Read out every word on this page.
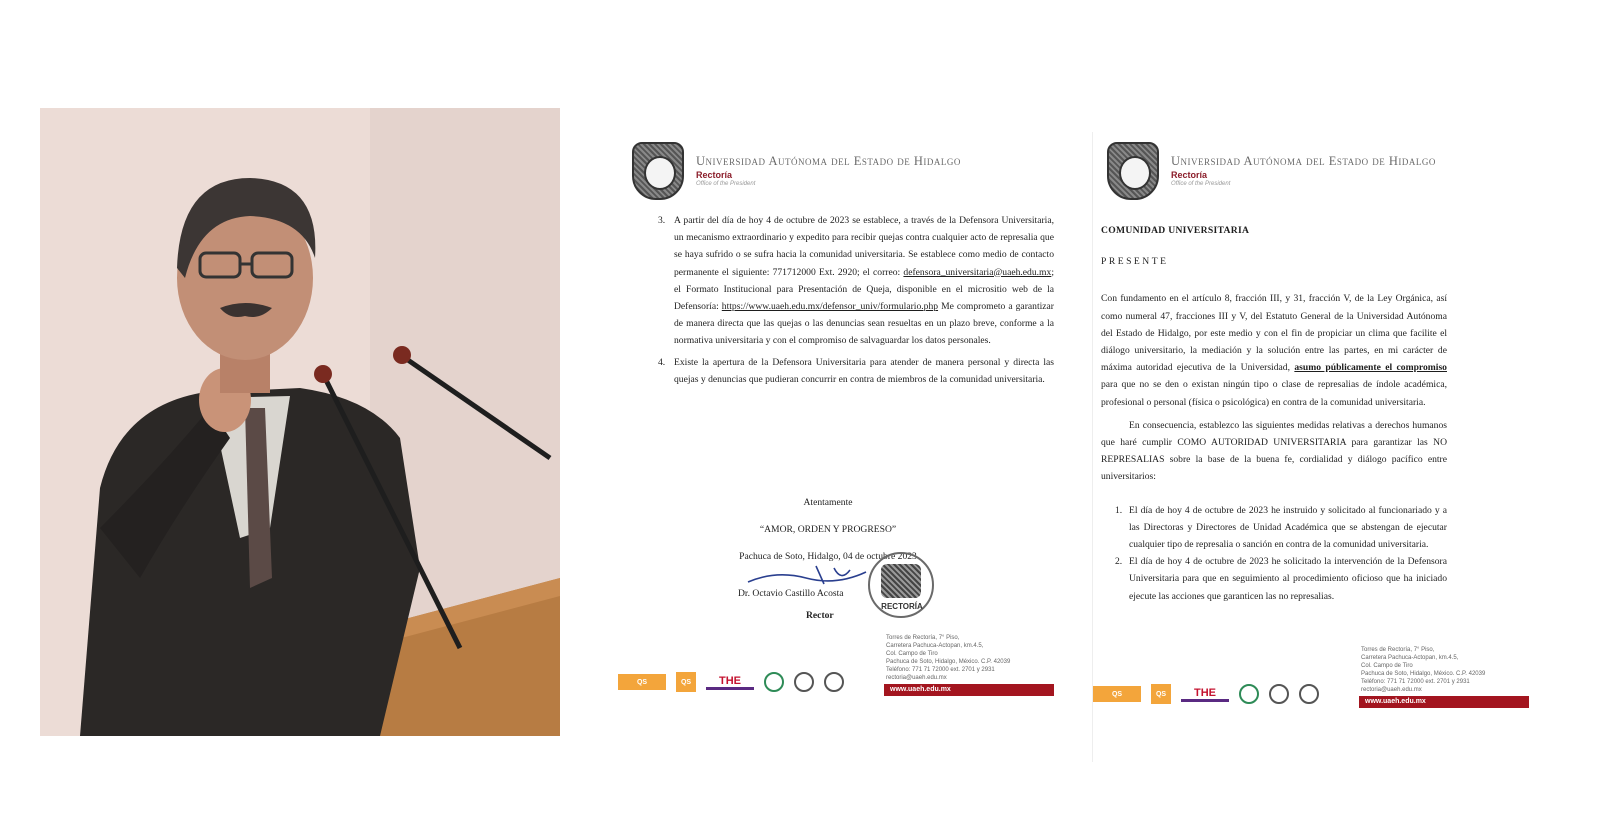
Universidad Autónoma del Estado de Hidalgo
Rectoría
Office of the President
3. A partir del día de hoy 4 de octubre de 2023 se establece, a través de la Defensora Universitaria, un mecanismo extraordinario y expedito para recibir quejas contra cualquier acto de represalia que se haya sufrido o se sufra hacia la comunidad universitaria. Se establece como medio de contacto permanente el siguiente: 771712000 Ext. 2920; el correo: defensora_universitaria@uaeh.edu.mx; el Formato Institucional para Presentación de Queja, disponible en el micrositio web de la Defensoría: https://www.uaeh.edu.mx/defensor_univ/formulario.php Me comprometo a garantizar de manera directa que las quejas o las denuncias sean resueltas en un plazo breve, conforme a la normativa universitaria y con el compromiso de salvaguardar los datos personales.
4. Existe la apertura de la Defensora Universitaria para atender de manera personal y directa las quejas y denuncias que pudieran concurrir en contra de miembros de la comunidad universitaria.
Atentamente
“AMOR, ORDEN Y PROGRESO”
Pachuca de Soto, Hidalgo, 04 de octubre 2023
RECTORÍA
Dr. Octavio Castillo Acosta
Rector
QS	QS	THE
Torres de Rectoría, 7° Piso,
Carretera Pachuca-Actopan, km.4.5,
Col. Campo de Tiro
Pachuca de Soto, Hidalgo, México. C.P. 42039
Teléfono: 771 71 72000 ext. 2701 y 2931
rectoria@uaeh.edu.mx
www.uaeh.edu.mx
Universidad Autónoma del Estado de Hidalgo
Rectoría
Office of the President
COMUNIDAD UNIVERSITARIA
PRESENTE
Con fundamento en el artículo 8, fracción III, y 31, fracción V, de la Ley Orgánica, así como numeral 47, fracciones III y V, del Estatuto General de la Universidad Autónoma del Estado de Hidalgo, por este medio y con el fin de propiciar un clima que facilite el diálogo universitario, la mediación y la solución entre las partes, en mi carácter de máxima autoridad ejecutiva de la Universidad, asumo públicamente el compromiso para que no se den o existan ningún tipo o clase de represalias de índole académica, profesional o personal (física o psicológica) en contra de la comunidad universitaria.
En consecuencia, establezco las siguientes medidas relativas a derechos humanos que haré cumplir COMO AUTORIDAD UNIVERSITARIA para garantizar las NO REPRESALIAS sobre la base de la buena fe, cordialidad y diálogo pacífico entre universitarios:
1. El día de hoy 4 de octubre de 2023 he instruido y solicitado al funcionariado y a las Directoras y Directores de Unidad Académica que se abstengan de ejecutar cualquier tipo de represalia o sanción en contra de la comunidad universitaria.
2. El día de hoy 4 de octubre de 2023 he solicitado la intervención de la Defensora Universitaria para que en seguimiento al procedimiento oficioso que ha iniciado ejecute las acciones que garanticen las no represalias.
QS	QS	THE
Torres de Rectoría, 7° Piso,
Carretera Pachuca-Actopan, km.4.5,
Col. Campo de Tiro
Pachuca de Soto, Hidalgo, México. C.P. 42039
Teléfono: 771 71 72000 ext. 2701 y 2931
rectoria@uaeh.edu.mx
www.uaeh.edu.mx
